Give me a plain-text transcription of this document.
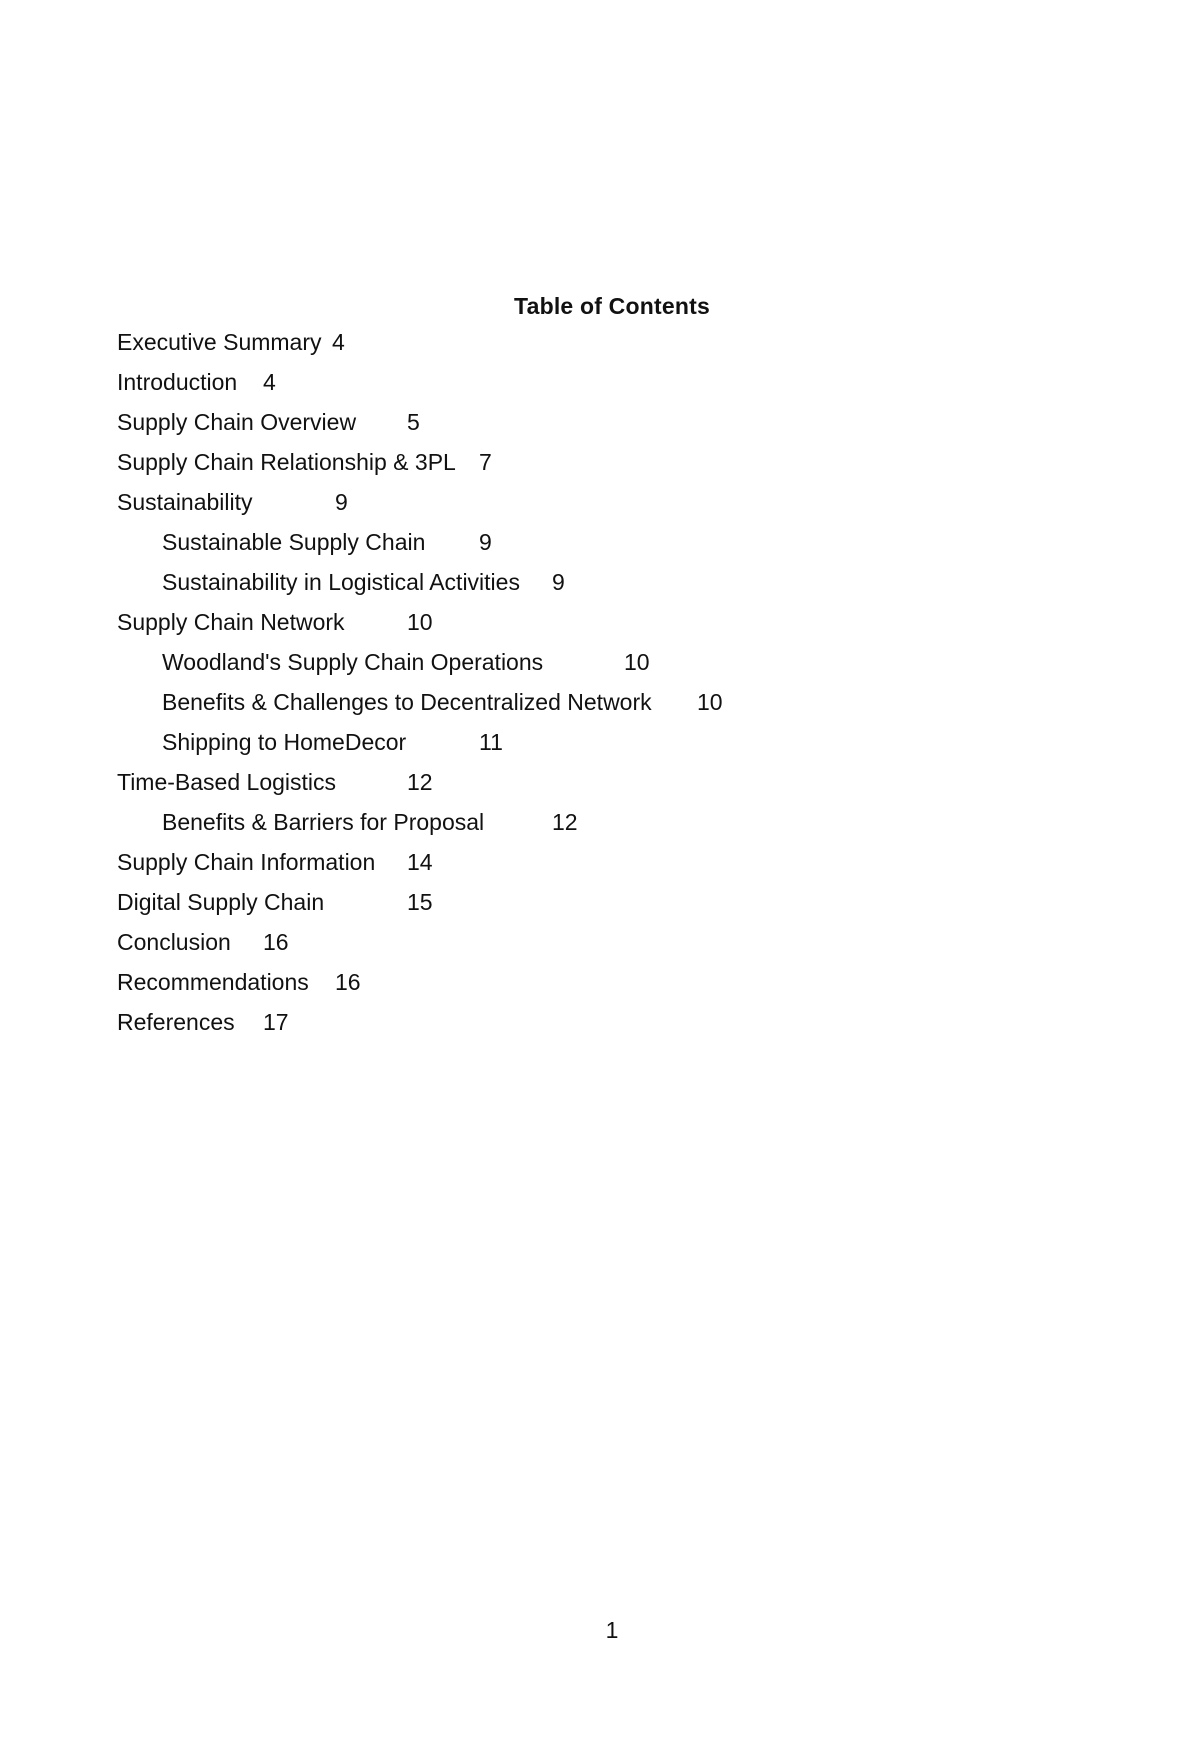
Table of Contents
Executive Summary 4
Introduction 4
Supply Chain Overview 5
Supply Chain Relationship & 3PL 7
Sustainability	9
Sustainable Supply Chain 9
Sustainability in Logistical Activities 9
Supply Chain Network	10
Woodland's Supply Chain Operations	10
Benefits & Challenges to Decentralized Network 10
Shipping to HomeDecor	11
Time-Based Logistics	12
Benefits & Barriers for Proposal	12
Supply Chain Information 14
Digital Supply Chain	15
Conclusion 16
Recommendations 16
References 17
1
